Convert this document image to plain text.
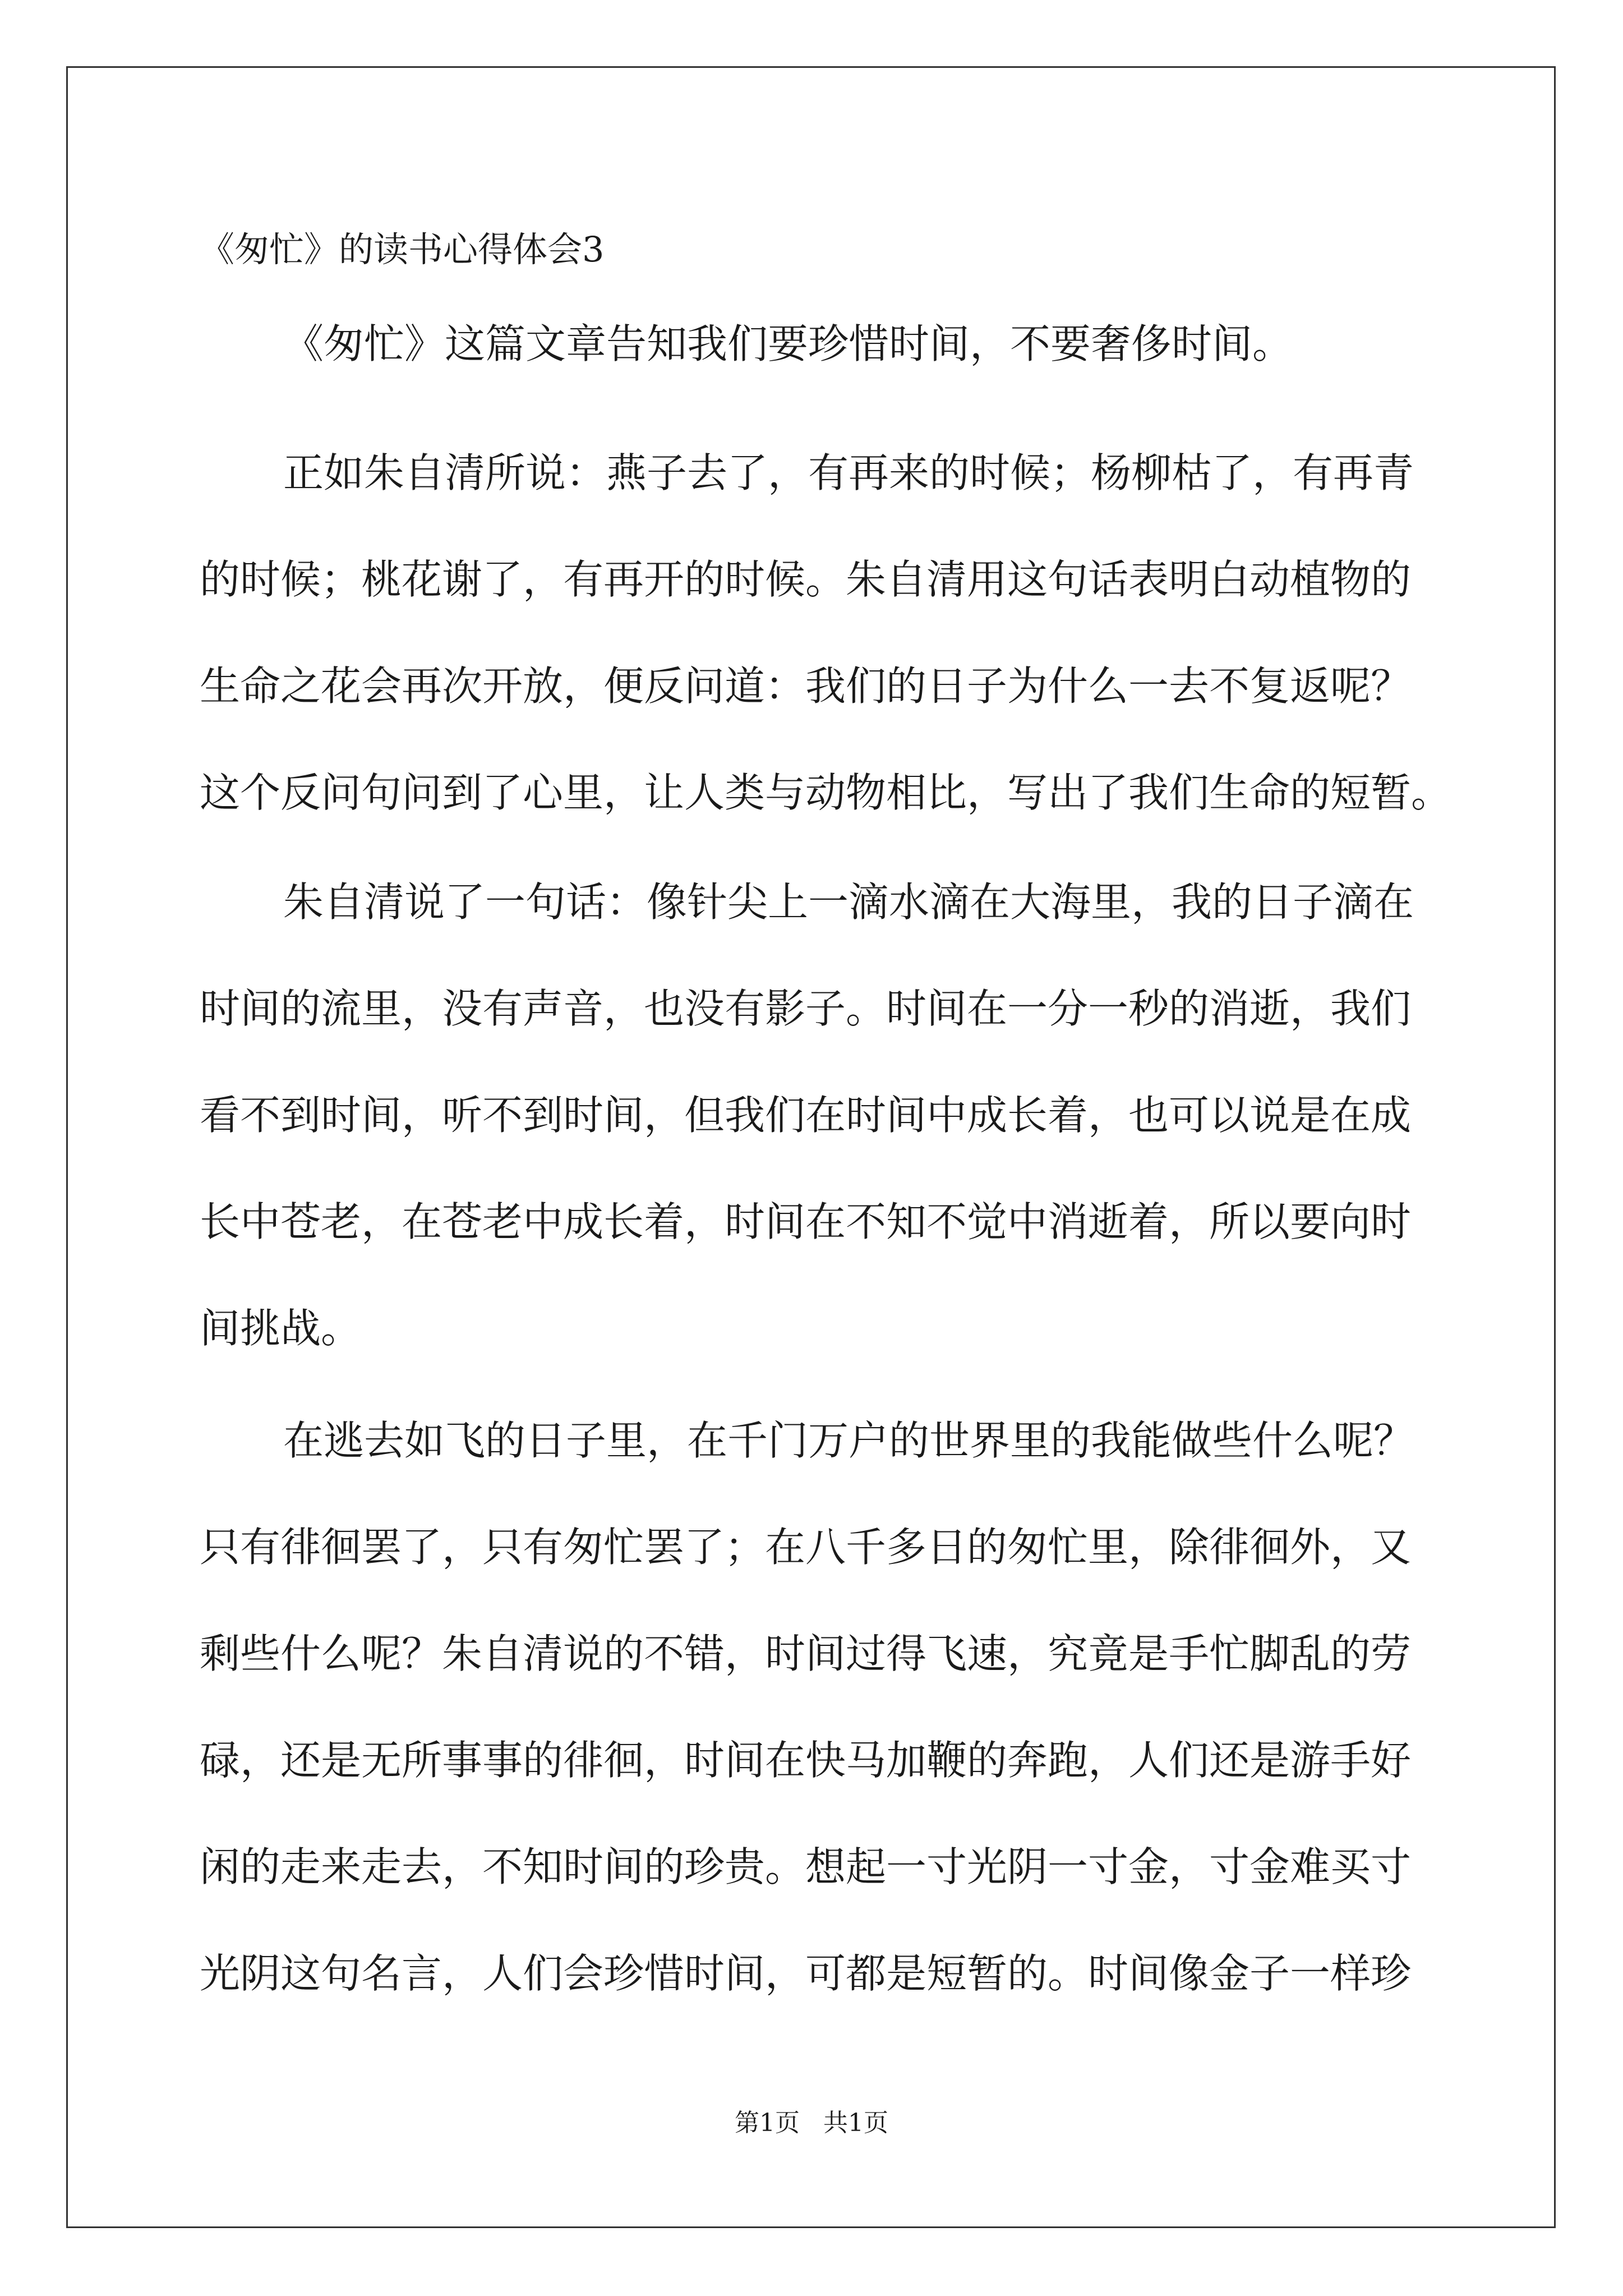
《匆忙》的读书心得体会3

《匆忙》这篇文章告知我们要珍惜时间，不要奢侈时间。

正如朱自清所说：燕子去了，有再来的时候；杨柳枯了，有再青

的时候；桃花谢了，有再开的时候。朱自清用这句话表明白动植物的

生命之花会再次开放，便反问道：我们的日子为什么一去不复返呢？

这个反问句问到了心里，让人类与动物相比，写出了我们生命的短暂。

朱自清说了一句话：像针尖上一滴水滴在大海里，我的日子滴在

时间的流里，没有声音，也没有影子。时间在一分一秒的消逝，我们

看不到时间，听不到时间，但我们在时间中成长着，也可以说是在成

长中苍老，在苍老中成长着，时间在不知不觉中消逝着，所以要向时

间挑战。

在逃去如飞的日子里，在千门万户的世界里的我能做些什么呢？

只有徘徊罢了，只有匆忙罢了；在八千多日的匆忙里，除徘徊外，又

剩些什么呢？朱自清说的不错，时间过得飞速，究竟是手忙脚乱的劳

碌，还是无所事事的徘徊，时间在快马加鞭的奔跑，人们还是游手好

闲的走来走去，不知时间的珍贵。想起一寸光阴一寸金，寸金难买寸

光阴这句名言，人们会珍惜时间，可都是短暂的。时间像金子一样珍

第1页   共1页
